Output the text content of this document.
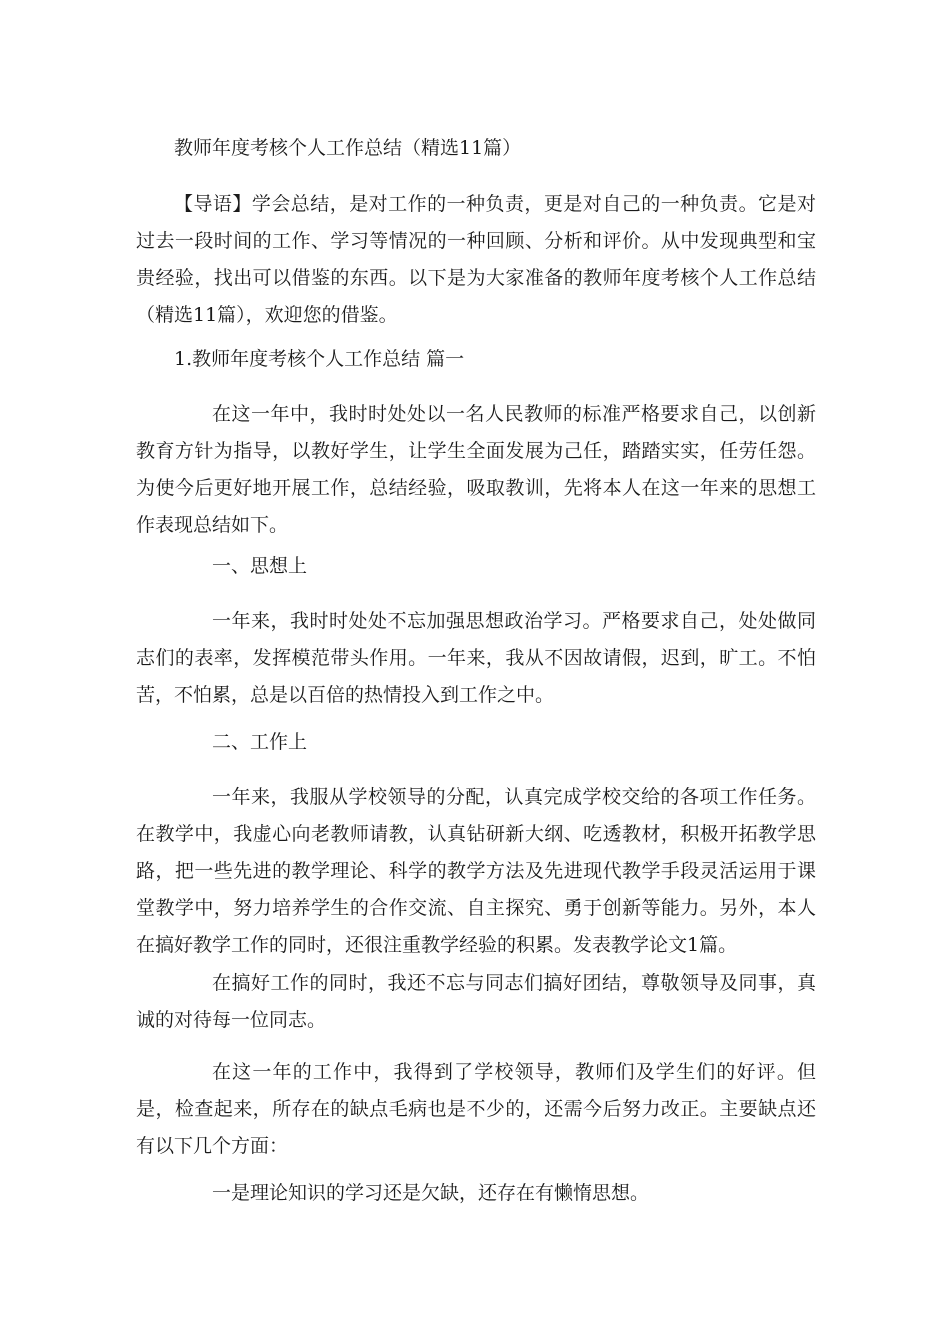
教师年度考核个人工作总结（精选11篇）

【导语】学会总结，是对工作的一种负责，更是对自己的一种负责。它是对过去一段时间的工作、学习等情况的一种回顾、分析和评价。从中发现典型和宝贵经验，找出可以借鉴的东西。以下是为大家准备的教师年度考核个人工作总结（精选11篇），欢迎您的借鉴。

1.教师年度考核个人工作总结 篇一

在这一年中，我时时处处以一名人民教师的标准严格要求自己，以创新教育方针为指导，以教好学生，让学生全面发展为己任，踏踏实实，任劳任怨。为使今后更好地开展工作，总结经验，吸取教训，先将本人在这一年来的思想工作表现总结如下。

一、思想上

一年来，我时时处处不忘加强思想政治学习。严格要求自己，处处做同志们的表率，发挥模范带头作用。一年来，我从不因故请假，迟到，旷工。不怕苦，不怕累，总是以百倍的热情投入到工作之中。

二、工作上

一年来，我服从学校领导的分配，认真完成学校交给的各项工作任务。在教学中，我虚心向老教师请教，认真钻研新大纲、吃透教材，积极开拓教学思路，把一些先进的教学理论、科学的教学方法及先进现代教学手段灵活运用于课堂教学中，努力培养学生的合作交流、自主探究、勇于创新等能力。另外，本人在搞好教学工作的同时，还很注重教学经验的积累。发表教学论文1篇。

在搞好工作的同时，我还不忘与同志们搞好团结，尊敬领导及同事，真诚的对待每一位同志。

在这一年的工作中，我得到了学校领导，教师们及学生们的好评。但是，检查起来，所存在的缺点毛病也是不少的，还需今后努力改正。主要缺点还有以下几个方面：

一是理论知识的学习还是欠缺，还存在有懒惰思想。
